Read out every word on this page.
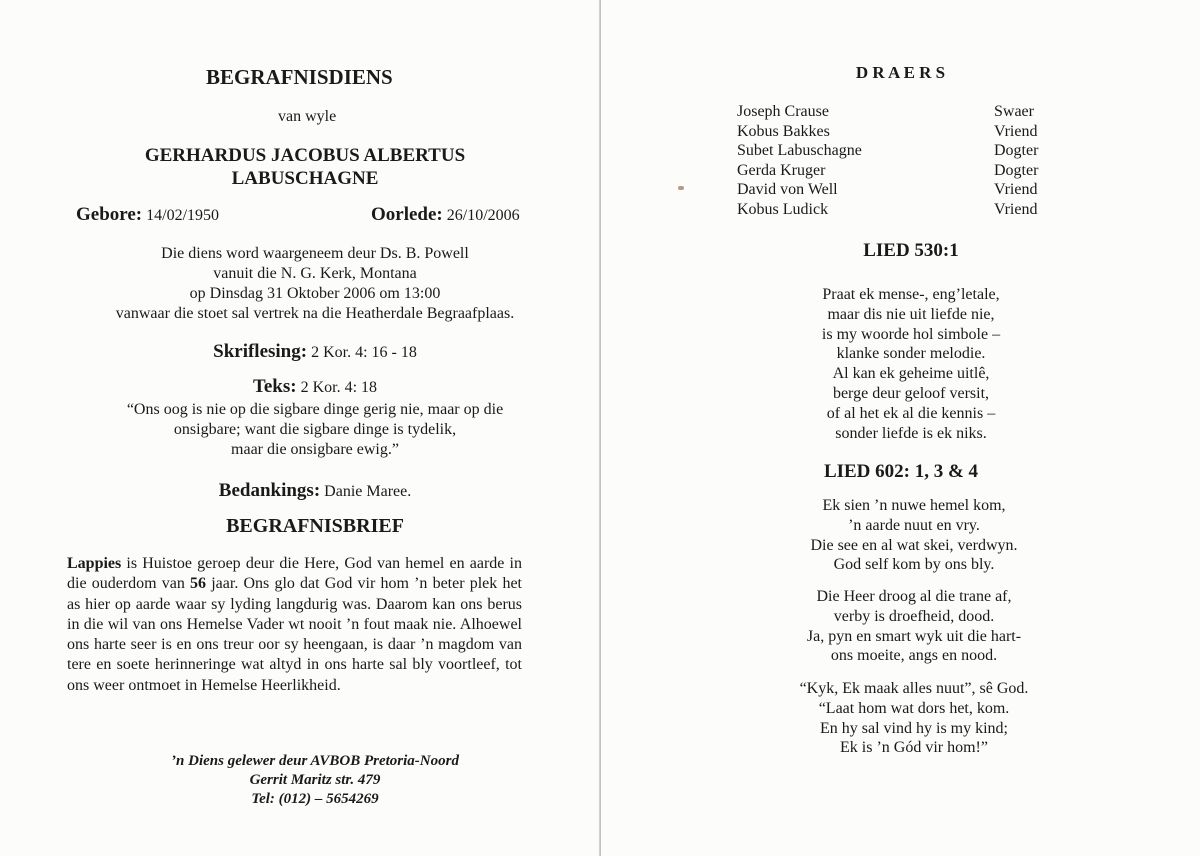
BEGRAFNISDIENS
van wyle
GERHARDUS JACOBUS ALBERTUS
LABUSCHAGNE
Gebore: 14/02/1950	Oorlede: 26/10/2006
Die diens word waargeneem deur Ds. B. Powell
vanuit die N. G. Kerk, Montana
op Dinsdag 31 Oktober 2006 om 13:00
vanwaar die stoet sal vertrek na die Heatherdale Begraafplaas.
Skriflesing: 2 Kor. 4: 16 - 18
Teks: 2 Kor. 4: 18
“Ons oog is nie op die sigbare dinge gerig nie, maar op die
onsigbare; want die sigbare dinge is tydelik,
maar die onsigbare ewig.”
Bedankings: Danie Maree.
BEGRAFNISBRIEF
Lappies is Huistoe geroep deur die Here, God van hemel en aarde in die ouderdom van 56 jaar. Ons glo dat God vir hom ’n beter plek het as hier op aarde waar sy lyding langdurig was. Daarom kan ons berus in die wil van ons Hemelse Vader wt nooit ’n fout maak nie. Alhoewel ons harte seer is en ons treur oor sy heengaan, is daar ’n magdom van tere en soete herinneringe wat altyd in ons harte sal bly voortleef, tot ons weer ontmoet in Hemelse Heerlikheid.
’n Diens gelewer deur AVBOB Pretoria-Noord
Gerrit Maritz str. 479
Tel: (012) – 5654269
D R A E R S
Joseph Crause	Swaer
Kobus Bakkes	Vriend
Subet Labuschagne	Dogter
Gerda Kruger	Dogter
David von Well	Vriend
Kobus Ludick	Vriend
LIED 530:1
Praat ek mense-, eng’letale,
maar dis nie uit liefde nie,
is my woorde hol simbole –
klanke sonder melodie.
Al kan ek geheime uitlê,
berge deur geloof versit,
of al het ek al die kennis –
sonder liefde is ek niks.
LIED 602: 1, 3 & 4
Ek sien ’n nuwe hemel kom,
’n aarde nuut en vry.
Die see en al wat skei, verdwyn.
God self kom by ons bly.
Die Heer droog al die trane af,
verby is droefheid, dood.
Ja, pyn en smart wyk uit die hart-
ons moeite, angs en nood.
“Kyk, Ek maak alles nuut”, sê God.
“Laat hom wat dors het, kom.
En hy sal vind hy is my kind;
Ek is ’n Gód vir hom!”
